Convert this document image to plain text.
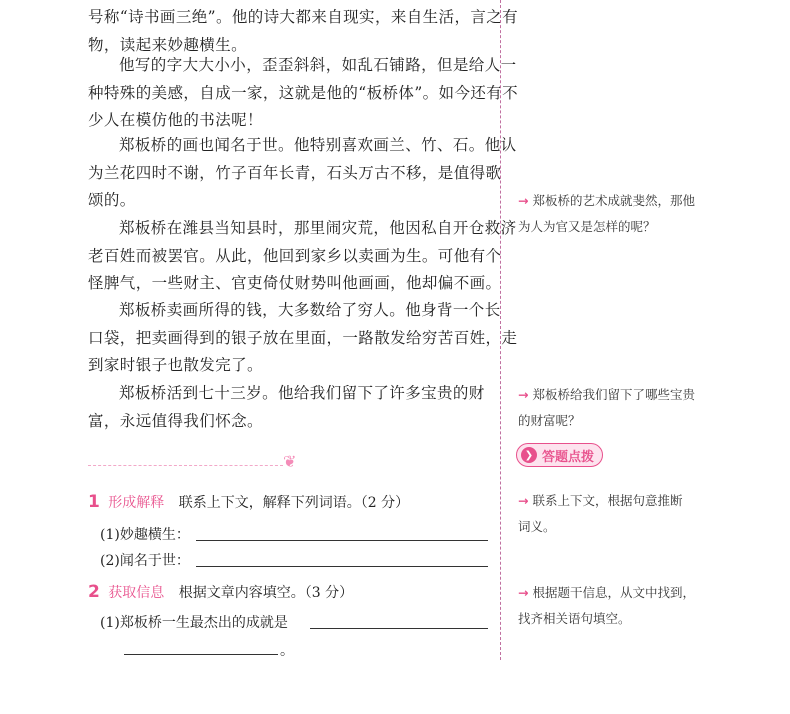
号称“诗书画三绝”。他的诗大都来自现实，来自生活，言之有
物，读起来妙趣横生。

他写的字大大小小，歪歪斜斜，如乱石铺路，但是给人一
种特殊的美感，自成一家，这就是他的“板桥体”。如今还有不
少人在模仿他的书法呢！

郑板桥的画也闻名于世。他特别喜欢画兰、竹、石。他认
为兰花四时不谢，竹子百年长青，石头万古不移，是值得歌
颂的。

郑板桥在潍县当知县时，那里闹灾荒，他因私自开仓救济
老百姓而被罢官。从此，他回到家乡以卖画为生。可他有个
怪脾气，一些财主、官吏倚仗财势叫他画画，他却偏不画。

郑板桥卖画所得的钱，大多数给了穷人。他身背一个长
口袋，把卖画得到的银子放在里面，一路散发给穷苦百姓，走
到家时银子也散发完了。

郑板桥活到七十三岁。他给我们留下了许多宝贵的财
富，永远值得我们怀念。

❦
1 形成解释 联系上下文，解释下列词语。（2 分）
(1)妙趣横生：
(2)闻名于世：
2 获取信息 根据文章内容填空。（3 分）
(1)郑板桥一生最杰出的成就是
。
→ 郑板桥的艺术成就斐然，那他
为人为官又是怎样的呢？
→ 郑板桥给我们留下了哪些宝贵
的财富呢？
❯ 答题点拨
→ 联系上下文，根据句意推断
词义。
→ 根据题干信息，从文中找到，
找齐相关语句填空。
